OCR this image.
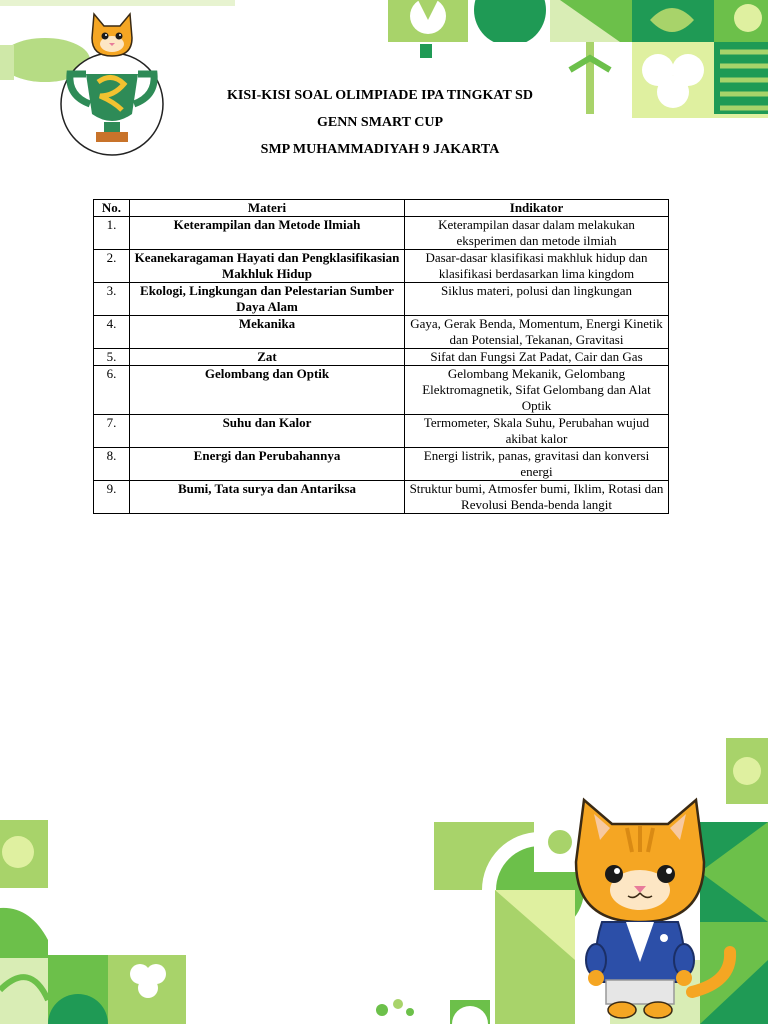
KISI-KISI SOAL OLIMPIADE IPA TINGKAT SD
GENN SMART CUP
SMP MUHAMMADIYAH 9 JAKARTA
No.	Materi	Indikator
1.	Keterampilan dan Metode Ilmiah	Keterampilan dasar dalam melakukan eksperimen dan metode ilmiah
2.	Keanekaragaman Hayati dan Pengklasifikasian Makhluk Hidup	Dasar-dasar klasifikasi makhluk hidup dan klasifikasi berdasarkan lima kingdom
3.	Ekologi, Lingkungan dan Pelestarian Sumber Daya Alam	Siklus materi, polusi dan lingkungan
4.	Mekanika	Gaya, Gerak Benda, Momentum, Energi Kinetik dan Potensial, Tekanan, Gravitasi
5.	Zat	Sifat dan Fungsi Zat Padat, Cair dan Gas
6.	Gelombang dan Optik	Gelombang Mekanik, Gelombang Elektromagnetik, Sifat Gelombang dan Alat Optik
7.	Suhu dan Kalor	Termometer, Skala Suhu, Perubahan wujud akibat kalor
8.	Energi dan Perubahannya	Energi listrik, panas, gravitasi dan konversi energi
9.	Bumi, Tata surya dan Antariksa	Struktur bumi, Atmosfer bumi, Iklim, Rotasi dan Revolusi Benda-benda langit
